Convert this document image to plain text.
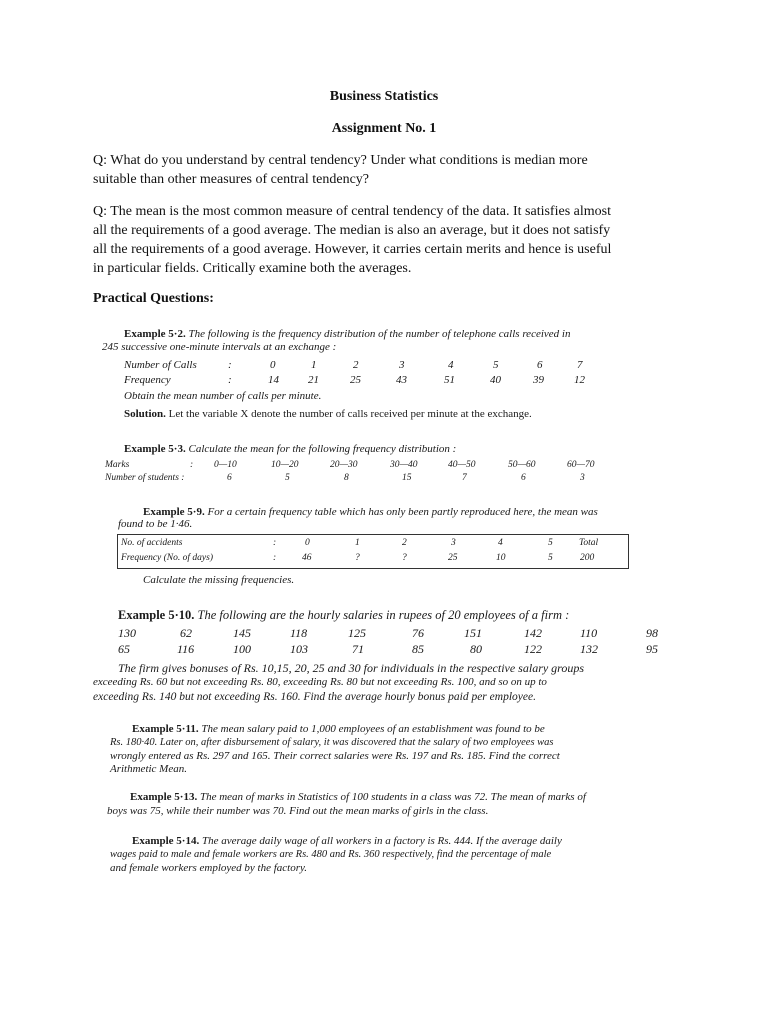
Business Statistics
Assignment No. 1
Q: What do you understand by central tendency? Under what conditions is median more
suitable than other measures of central tendency?
Q: The mean is the most common measure of central tendency of the data. It satisfies almost
all the requirements of a good average. The median is also an average, but it does not satisfy
all the requirements of a good average. However, it carries certain merits and hence is useful
in particular fields. Critically examine both the averages.
Practical Questions:
Example 5·2. The following is the frequency distribution of the number of telephone calls received in
245 successive one-minute intervals at an exchange :
Number of Calls	:	0	1	2	3	4	5	6	7
Frequency	:	14	21	25	43	51	40	39	12
Obtain the mean number of calls per minute.
Solution. Let the variable X denote the number of calls received per minute at the exchange.
Example 5·3. Calculate the mean for the following frequency distribution :
Marks	: 0—10	10—20	20—30	30—40	40—50	50—60	60—70
Number of students :	6	5	8	15	7	6	3
Example 5·9. For a certain frequency table which has only been partly reproduced here, the mean was
found to be 1·46.
No. of accidents	:	0	1	2	3	4	5	Total
Frequency (No. of days)	:	46	?	?	25	10	5	200
Calculate the missing frequencies.
Example 5·10. The following are the hourly salaries in rupees of 20 employees of a firm :
130	62	145	118	125	76	151	142	110	98
65	116	100	103	71	85	80	122	132	95
The firm gives bonuses of Rs. 10,15, 20, 25 and 30 for individuals in the respective salary groups
exceeding Rs. 60 but not exceeding Rs. 80, exceeding Rs. 80 but not exceeding Rs. 100, and so on up to
exceeding Rs. 140 but not exceeding Rs. 160. Find the average hourly bonus paid per employee.
Example 5·11. The mean salary paid to 1,000 employees of an establishment was found to be
Rs. 180·40. Later on, after disbursement of salary, it was discovered that the salary of two employees was
wrongly entered as Rs. 297 and 165. Their correct salaries were Rs. 197 and Rs. 185. Find the correct
Arithmetic Mean.
Example 5·13. The mean of marks in Statistics of 100 students in a class was 72. The mean of marks of
boys was 75, while their number was 70. Find out the mean marks of girls in the class.
Example 5·14. The average daily wage of all workers in a factory is Rs. 444. If the average daily
wages paid to male and female workers are Rs. 480 and Rs. 360 respectively, find the percentage of male
and female workers employed by the factory.
